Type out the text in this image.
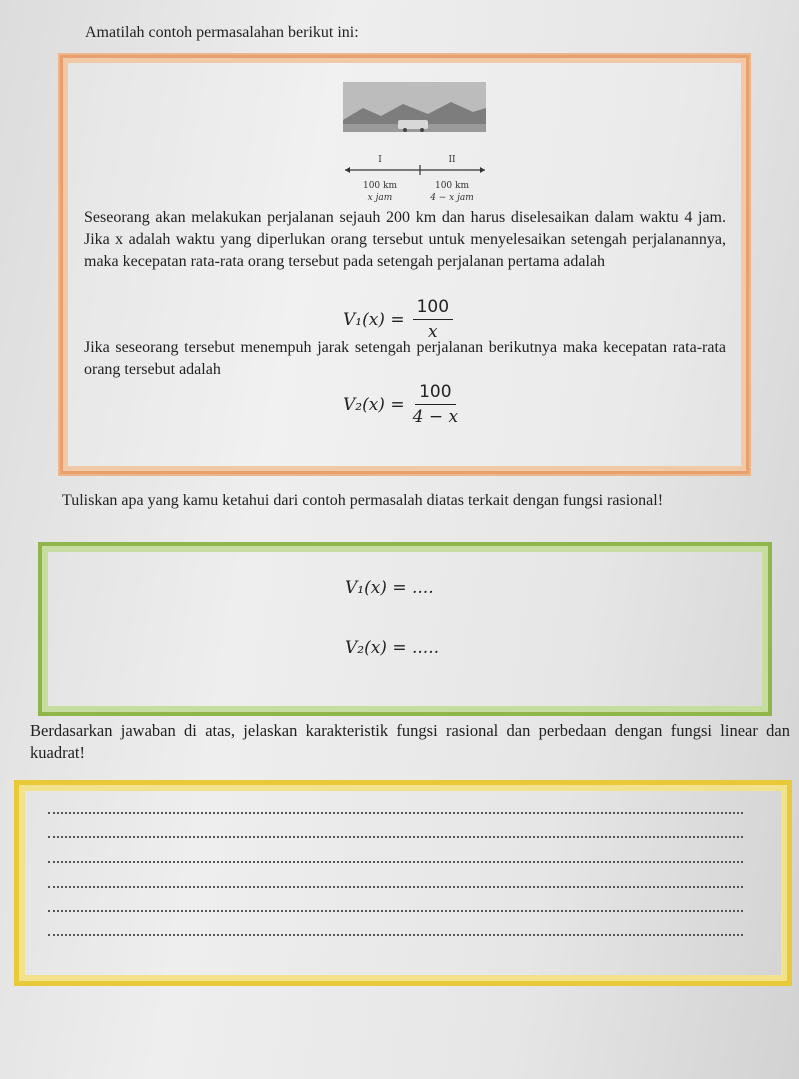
Amatilah contoh permasalahan berikut ini:
I	II
100 km	100 km
x jam	4 − x jam
Seseorang akan melakukan perjalanan sejauh 200 km dan harus diselesaikan dalam waktu 4 jam. Jika x adalah waktu yang diperlukan orang tersebut untuk menyelesaikan setengah perjalanannya, maka kecepatan rata-rata orang tersebut pada setengah perjalanan pertama adalah
$V_1(x) = \frac{100}{x}$
Jika seseorang tersebut menempuh jarak setengah perjalanan berikutnya maka kecepatan rata-rata orang tersebut adalah
$V_2(x) = \frac{100}{4 - x}$
Tuliskan apa yang kamu ketahui dari contoh permasalah diatas terkait dengan fungsi rasional!
V₁(x) = ....
V₂(x) = .....
Berdasarkan jawaban di atas, jelaskan karakteristik fungsi rasional dan perbedaan dengan fungsi linear dan kuadrat!
